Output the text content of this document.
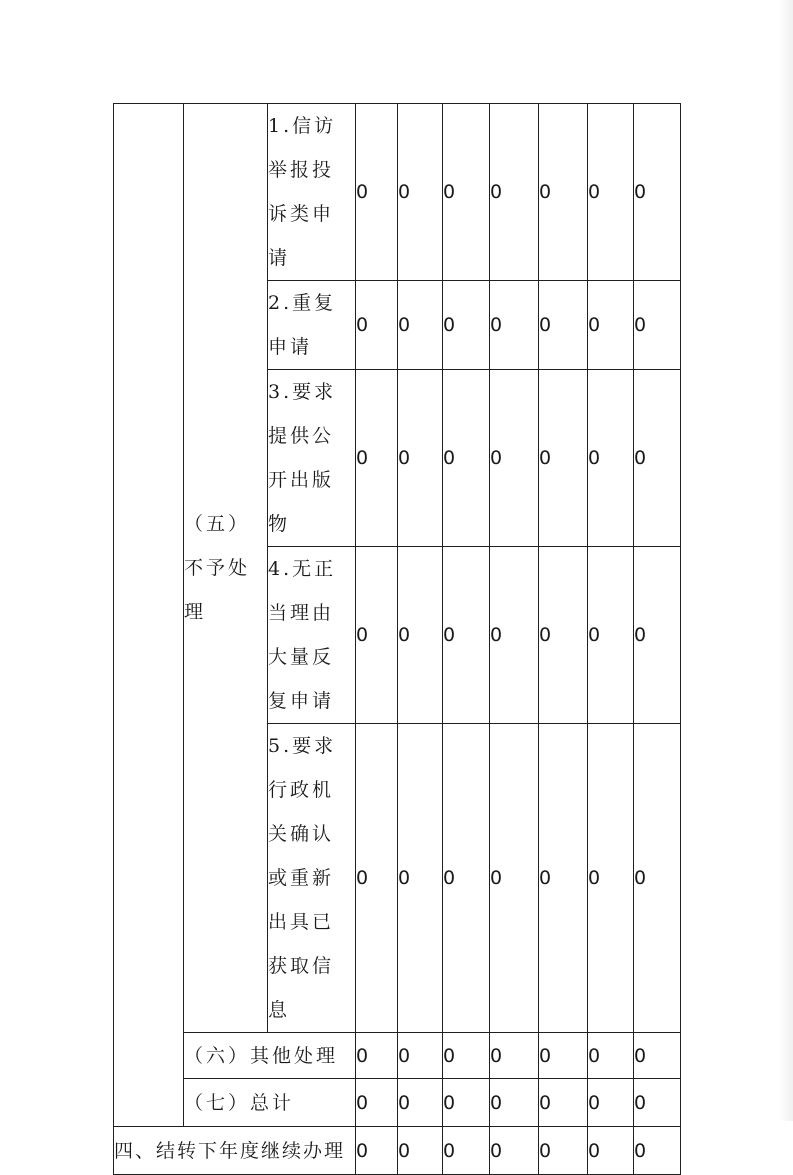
	（五）不予处理	1.信访举报投诉类申请	0	0	0	0	0	0	0
		2.重复申请	0	0	0	0	0	0	0
		3.要求提供公开出版物	0	0	0	0	0	0	0
		4.无正当理由大量反复申请	0	0	0	0	0	0	0
		5.要求行政机关确认或重新出具已获取信息	0	0	0	0	0	0	0
	（六）其他处理		0	0	0	0	0	0	0
	（七）总计		0	0	0	0	0	0	0
四、结转下年度继续办理			0	0	0	0	0	0	0
